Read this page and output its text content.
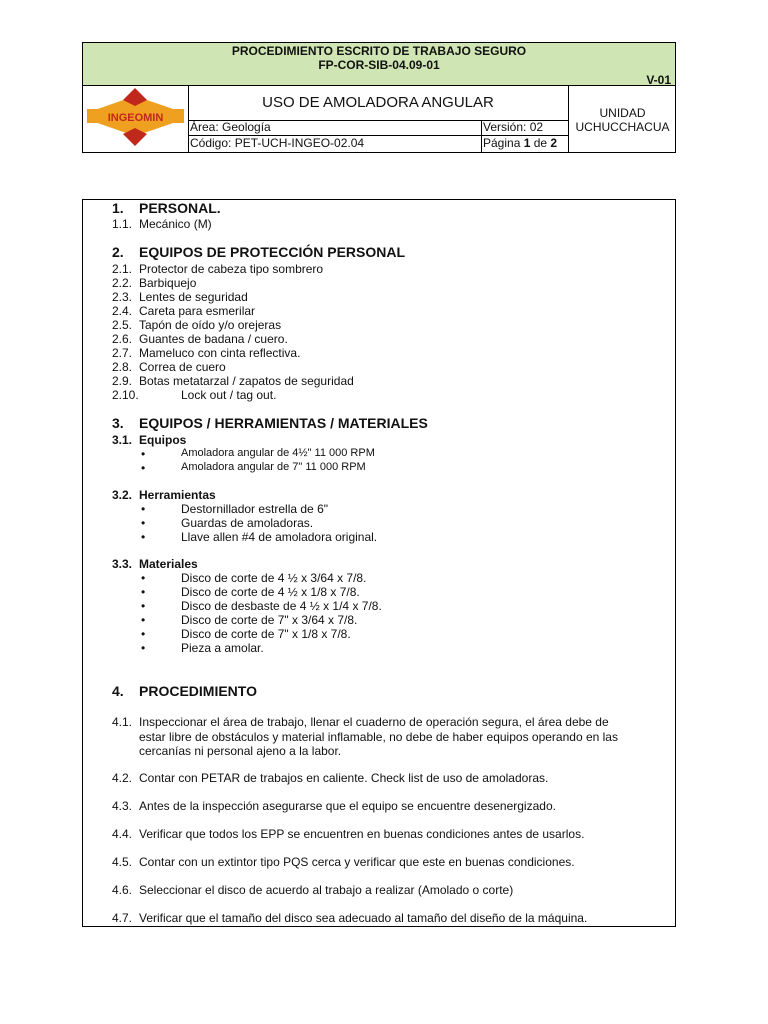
PROCEDIMIENTO ESCRITO DE TRABAJO SEGURO
FP-COR-SIB-04.09-01
V-01
INGEOMIN
USO DE AMOLADORA ANGULAR
Área: Geología	Versión: 02
Código: PET-UCH-INGEO-02.04	Página 1 de 2
UNIDAD
UCHUCCHACUA
1. PERSONAL.
1.1. Mecánico (M)
2. EQUIPOS DE PROTECCIÓN PERSONAL
2.1. Protector de cabeza tipo sombrero
2.2. Barbiquejo
2.3. Lentes de seguridad
2.4. Careta para esmerilar
2.5. Tapón de oído y/o orejeras
2.6. Guantes de badana / cuero.
2.7. Mameluco con cinta reflectiva.
2.8. Correa de cuero
2.9. Botas metatarzal / zapatos de seguridad
2.10.	Lock out / tag out.
3. EQUIPOS / HERRAMIENTAS / MATERIALES
3.1. Equipos
•	Amoladora angular de 4½" 11 000 RPM
•	Amoladora angular de 7" 11 000 RPM
3.2. Herramientas
•	Destornillador estrella de 6"
•	Guardas de amoladoras.
•	Llave allen #4 de amoladora original.
3.3. Materiales
•	Disco de corte de 4 ½ x 3/64 x 7/8.
•	Disco de corte de 4 ½ x 1/8 x 7/8.
•	Disco de desbaste de 4 ½ x 1/4 x 7/8.
•	Disco de corte de 7" x 3/64 x 7/8.
•	Disco de corte de 7" x 1/8 x 7/8.
•	Pieza a amolar.
4. PROCEDIMIENTO
4.1. Inspeccionar el área de trabajo, llenar el cuaderno de operación segura, el área debe de
estar libre de obstáculos y material inflamable, no debe de haber equipos operando en las
cercanías ni personal ajeno a la labor.
4.2. Contar con PETAR de trabajos en caliente. Check list de uso de amoladoras.
4.3. Antes de la inspección asegurarse que el equipo se encuentre desenergizado.
4.4. Verificar que todos los EPP se encuentren en buenas condiciones antes de usarlos.
4.5. Contar con un extintor tipo PQS cerca y verificar que este en buenas condiciones.
4.6. Seleccionar el disco de acuerdo al trabajo a realizar (Amolado o corte)
4.7. Verificar que el tamaño del disco sea adecuado al tamaño del diseño de la máquina.
